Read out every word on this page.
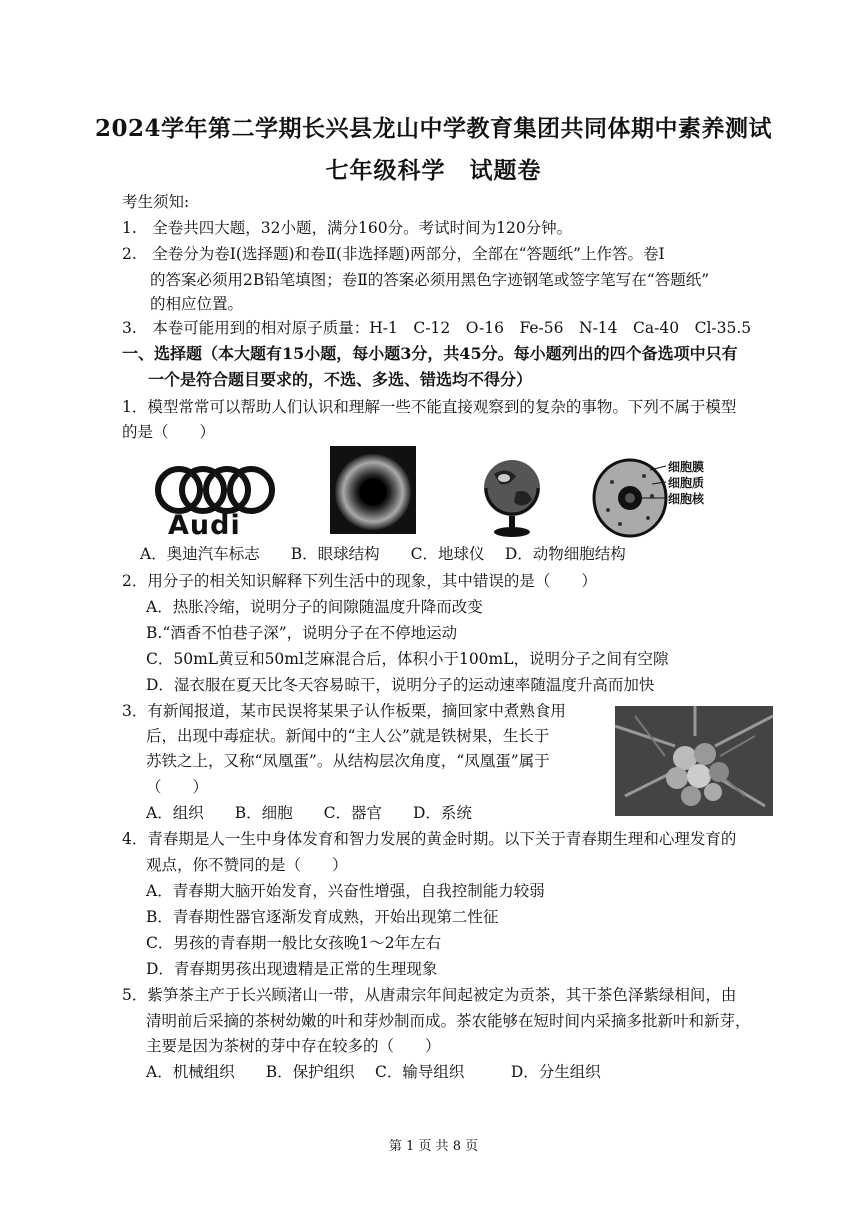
2024学年第二学期长兴县龙山中学教育集团共同体期中素养测试
七年级科学　试题卷
考生须知:
1.　全卷共四大题，32小题，满分160分。考试时间为120分钟。
2.　全卷分为卷Ⅰ(选择题)和卷Ⅱ(非选择题)两部分，全部在“答题纸”上作答。卷Ⅰ
的答案必须用2B铅笔填图；卷Ⅱ的答案必须用黑色字迹钢笔或签字笔写在“答题纸”
的相应位置。
3.　本卷可能用到的相对原子质量：H-1　C-12　O-16　Fe-56　N-14　Ca-40　Cl-35.5
一、选择题（本大题有15小题，每小题3分，共45分。每小题列出的四个备选项中只有
一个是符合题目要求的，不选、多选、错选均不得分）
1．模型常常可以帮助人们认识和理解一些不能直接观察到的复杂的事物。下列不属于模型
的是（　　）
Audi
细胞膜
细胞质
细胞核
A．奥迪汽车标志　　B．眼球结构　　C．地球仪　 D．动物细胞结构
2．用分子的相关知识解释下列生活中的现象，其中错误的是（　　）
A．热胀冷缩，说明分子的间隙随温度升降而改变
B.“酒香不怕巷子深”，说明分子在不停地运动
C．50mL黄豆和50ml芝麻混合后，体积小于100mL，说明分子之间有空隙
D．湿衣服在夏天比冬天容易晾干，说明分子的运动速率随温度升高而加快
3．有新闻报道，某市民误将某果子认作板栗，摘回家中煮熟食用
后，出现中毒症状。新闻中的“主人公”就是铁树果，生长于
苏铁之上，又称“凤凰蛋”。从结构层次角度，“凤凰蛋”属于
（　　）
A．组织　　B．细胞　　C．器官　　D．系统
4．青春期是人一生中身体发育和智力发展的黄金时期。以下关于青春期生理和心理发育的
观点，你不赞同的是（　　）
A．青春期大脑开始发育，兴奋性增强，自我控制能力较弱
B．青春期性器官逐渐发育成熟，开始出现第二性征
C．男孩的青春期一般比女孩晚1～2年左右
D．青春期男孩出现遗精是正常的生理现象
5．紫笋茶主产于长兴顾渚山一带，从唐肃宗年间起被定为贡茶，其干茶色泽紫绿相间，由
清明前后采摘的茶树幼嫩的叶和芽炒制而成。茶农能够在短时间内采摘多批新叶和新芽，
主要是因为茶树的芽中存在较多的（　　）
A．机械组织　　B．保护组织　 C．输导组织　　　D．分生组织
第 1 页 共 8 页
